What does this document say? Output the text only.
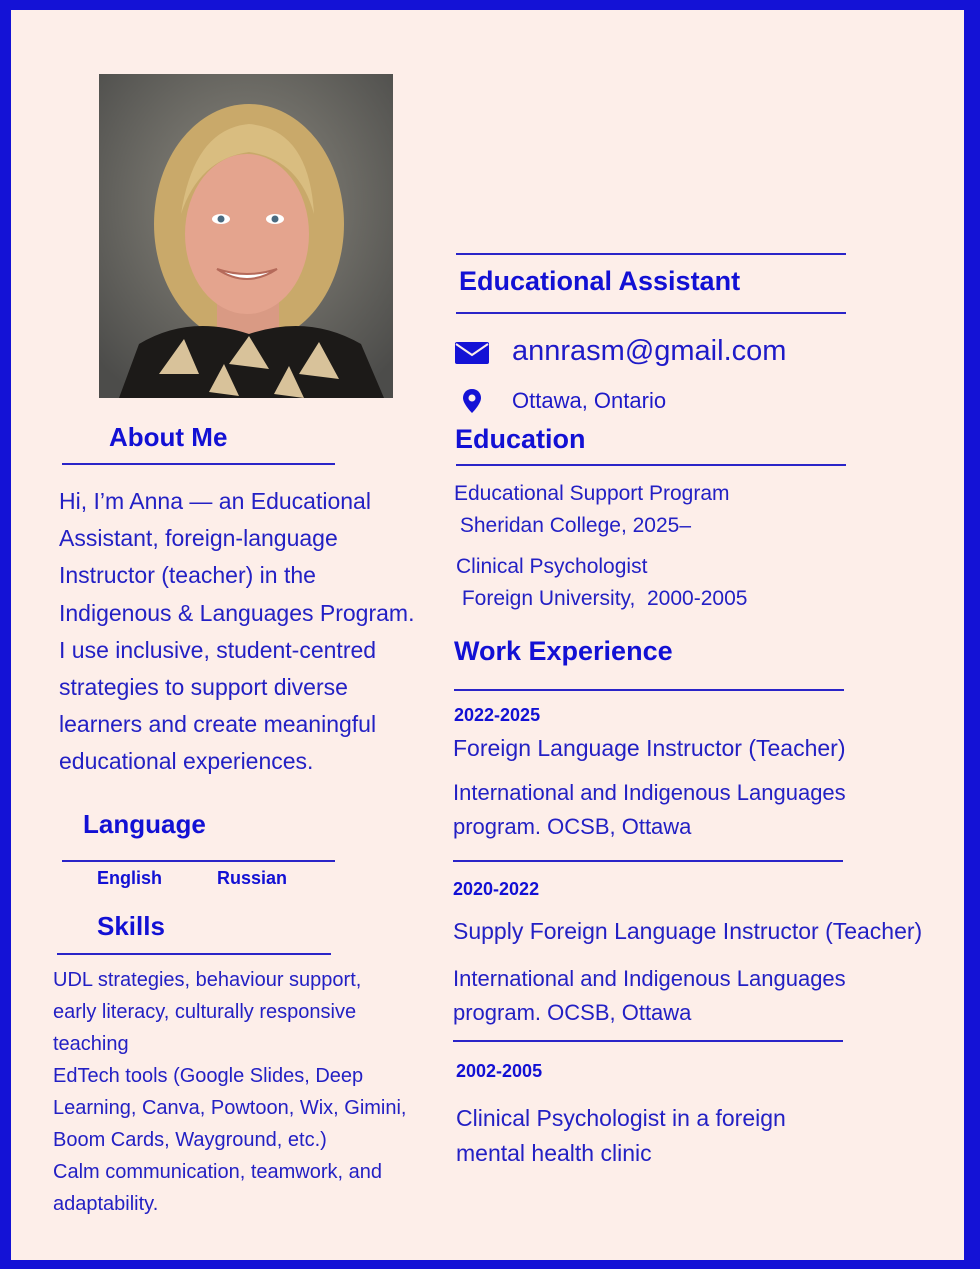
About Me
Hi, I’m Anna — an Educational
Assistant, foreign-language
Instructor (teacher) in the
Indigenous & Languages Program.
I use inclusive, student-centred
strategies to support diverse
learners and create meaningful
educational experiences.
Language
English	Russian
Skills
UDL strategies, behaviour support,
early literacy, culturally responsive
teaching
EdTech tools (Google Slides, Deep
Learning, Canva, Powtoon, Wix, Gimini,
Boom Cards, Wayground, etc.)
Calm communication, teamwork, and
adaptability.
Educational Assistant
annrasm@gmail.com
Ottawa, Ontario
Education
Educational Support Program
Sheridan College, 2025–
Clinical Psychologist
Foreign University,  2000-2005
Work Experience
2022-2025
Foreign Language Instructor (Teacher)
International and Indigenous Languages
program. OCSB, Ottawa
2020-2022
Supply Foreign Language Instructor (Teacher)
International and Indigenous Languages
program. OCSB, Ottawa
2002-2005
Clinical Psychologist in a foreign
mental health clinic
